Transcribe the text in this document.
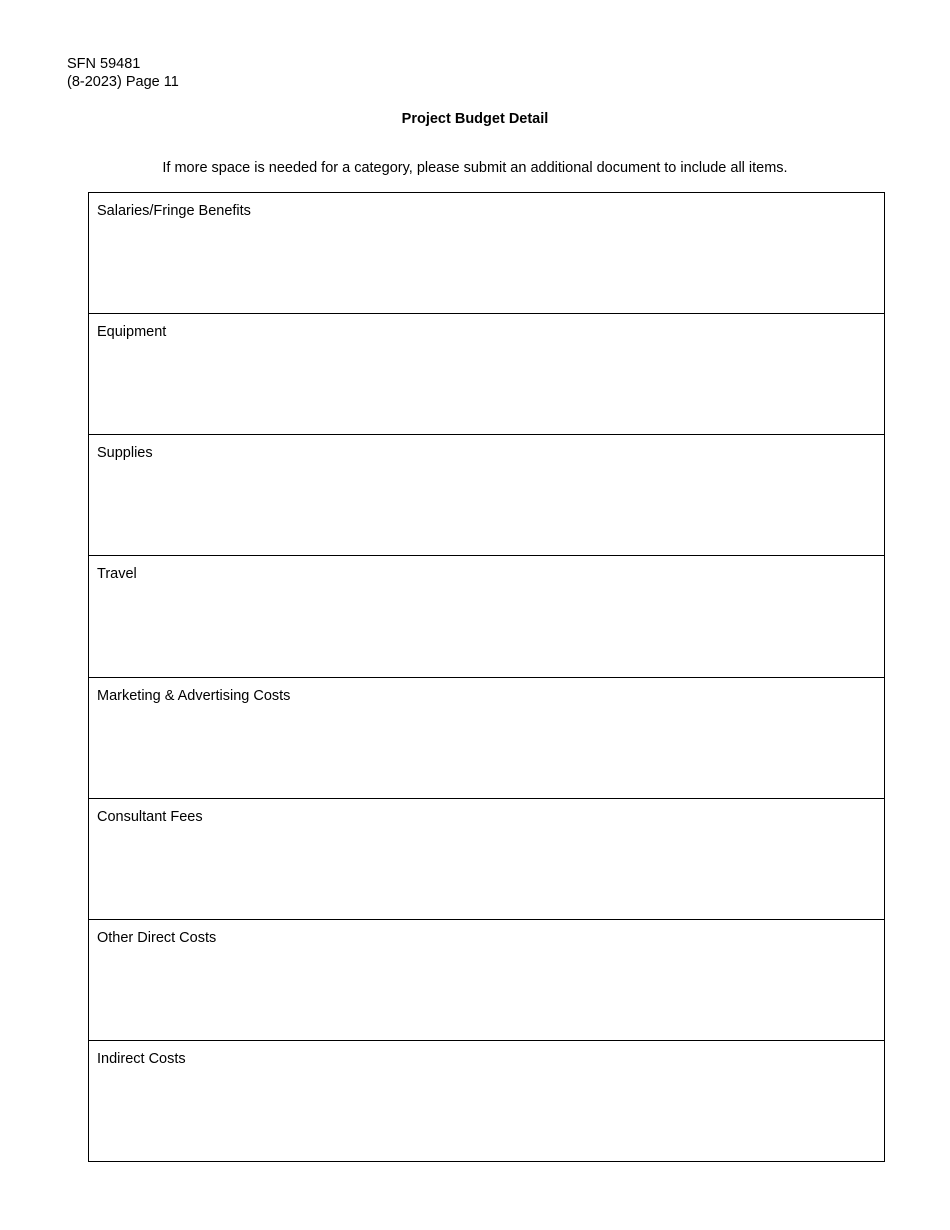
SFN 59481
(8-2023) Page 11
Project Budget Detail
If more space is needed for a category, please submit an additional document to include all items.
Salaries/Fringe Benefits
Equipment
Supplies
Travel
Marketing & Advertising Costs
Consultant Fees
Other Direct Costs
Indirect Costs
